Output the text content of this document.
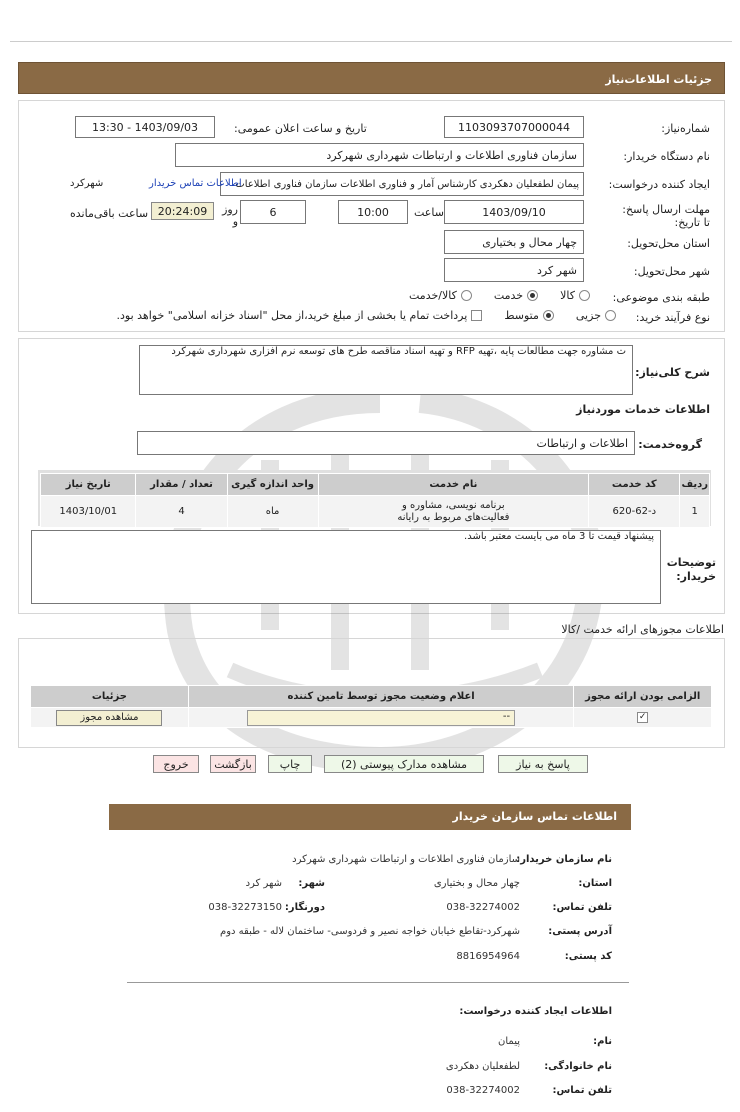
جزئیات اطلاعات‌نیاز
شماره‌نیاز:
1103093707000044
تاریخ و ساعت اعلان عمومی:
1403/09/03 - 13:30
نام دستگاه خریدار:
سازمان فناوری اطلاعات و ارتباطات شهرداری شهرکرد
ایجاد کننده درخواست:
پیمان لطفعلیان دهکردی کارشناس آمار و فناوری اطلاعات سازمان فناوری اطلاعات
اطلاعات تماس خریدار
شهرکرد
مهلت ارسال پاسخ: تا تاریخ:
1403/09/10
ساعت
10:00
6
روز و
20:24:09
ساعت باقی‌مانده
استان محل‌تحویل:
چهار محال و بختیاری
شهر محل‌تحویل:
شهر کرد
طبقه بندی موضوعی:
کالا
خدمت
کالا/خدمت
نوع فرآیند خرید:
جزیی
متوسط
پرداخت تمام یا بخشی از مبلغ خرید،از محل "اسناد خزانه اسلامی" خواهد بود.
شرح کلی‌نیاز:
ت مشاوره جهت مطالعات پایه ،تهیه RFP و تهیه اسناد مناقصه طرح های توسعه نرم افزاری شهرداری شهرکرد
اطلاعات خدمات موردنیاز
گروه‌خدمت:
اطلاعات و ارتباطات
ردیف	کد خدمت	نام خدمت	واحد اندازه گیری	تعداد / مقدار	تاریخ نیاز
1	د-62-620	برنامه نویسی، مشاوره و فعالیت‌های مربوط به رایانه	ماه	4	1403/10/01
توضیحات خریدار:
پیشنهاد قیمت تا 3 ماه می بایست معتبر باشد.
اطلاعات مجوزهای ارائه خدمت /کالا
الزامی بودن ارائه مجوز	اعلام وضعیت مجوز توسط تامین کننده	جزئیات
✓	--	مشاهده مجوز
پاسخ به نیاز
مشاهده مدارک پیوستی (2)
چاپ
بازگشت
خروج
اطلاعات تماس سازمان خریدار
نام سازمان خریدار:
سازمان فناوری اطلاعات و ارتباطات شهرداری شهرکرد
استان:
چهار محال و بختیاری
شهر:
شهر کرد
تلفن تماس:
038-32274002
دورنگار:
038-32273150
آدرس پستی:
شهرکرد-تقاطع خیابان خواجه نصیر و فردوسی- ساختمان لاله - طبقه دوم
کد پستی:
8816954964
اطلاعات ایجاد کننده درخواست:
نام:
پیمان
نام خانوادگی:
لطفعلیان دهکردی
تلفن تماس:
038-32274002
